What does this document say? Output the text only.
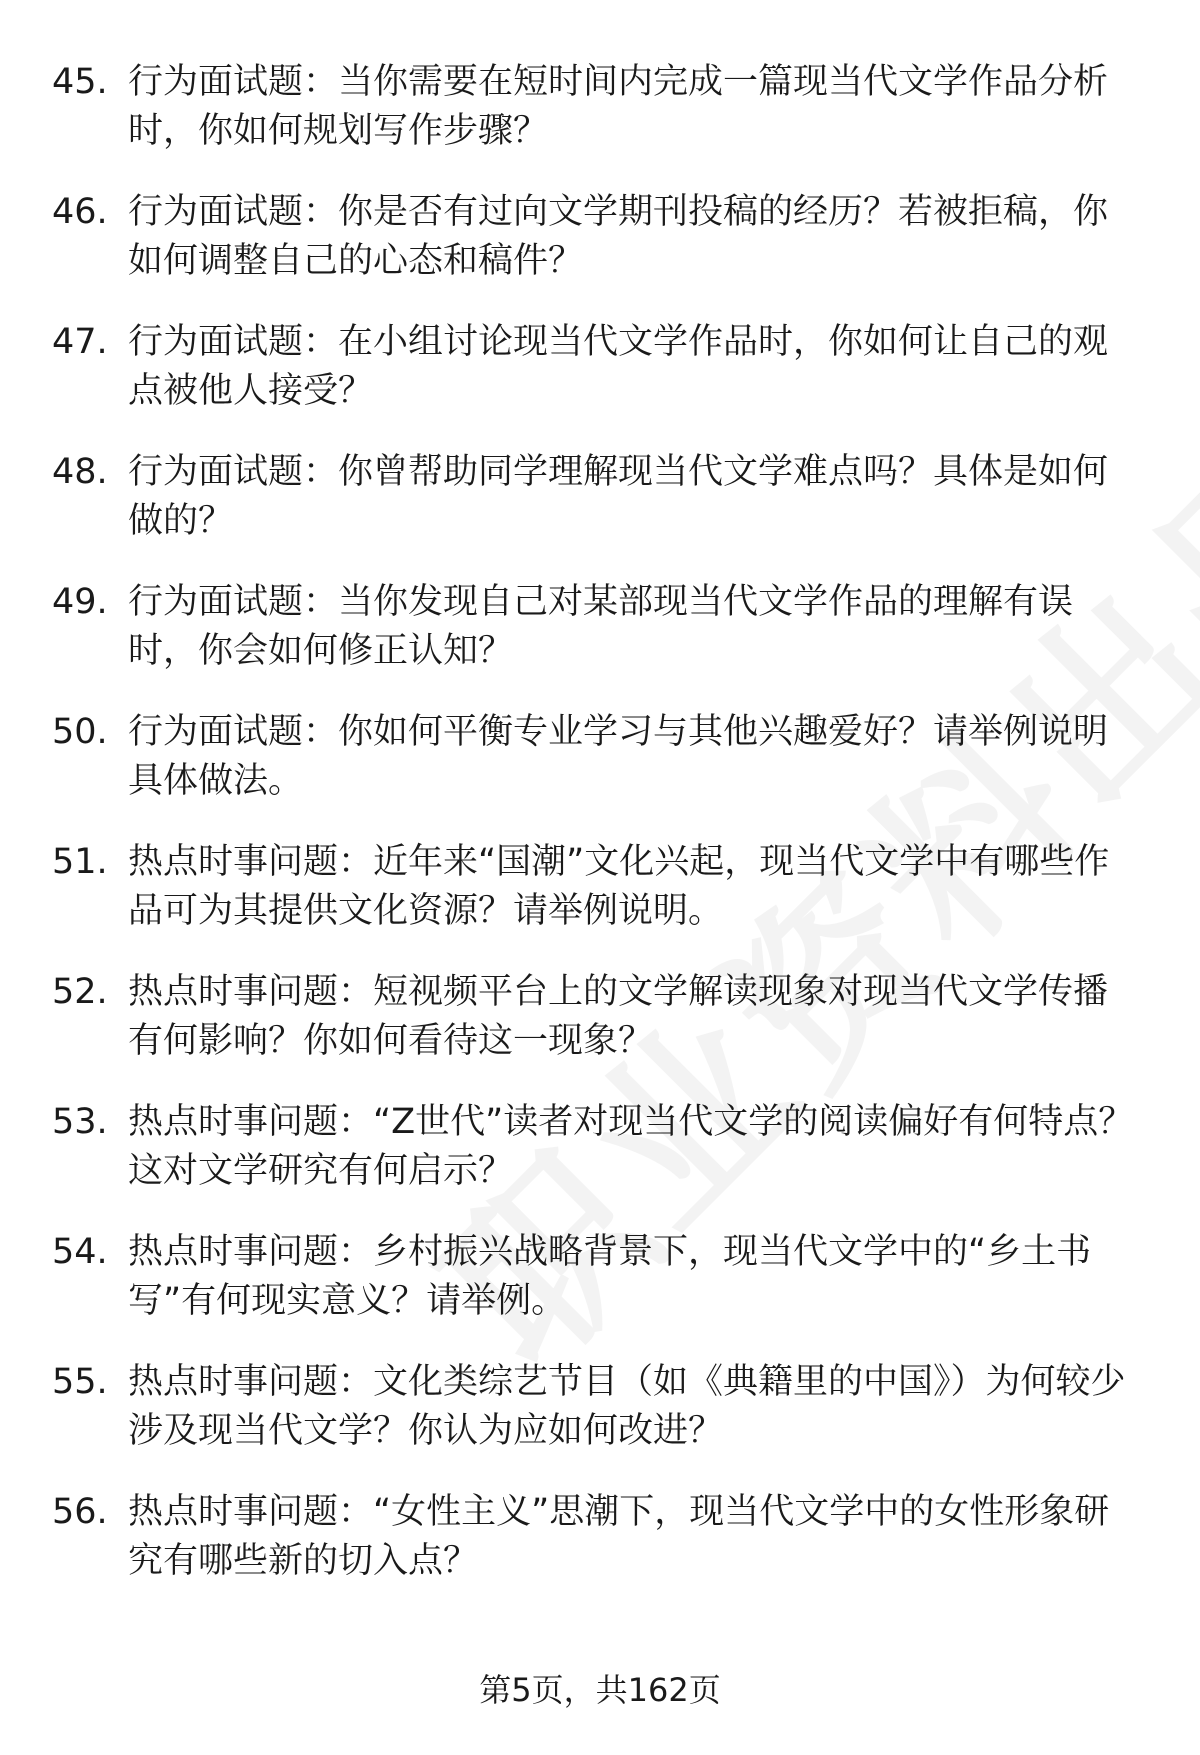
45. 行为面试题：当你需要在短时间内完成一篇现当代文学作品分析时，你如何规划写作步骤？
46. 行为面试题：你是否有过向文学期刊投稿的经历？若被拒稿，你如何调整自己的心态和稿件？
47. 行为面试题：在小组讨论现当代文学作品时，你如何让自己的观点被他人接受？
48. 行为面试题：你曾帮助同学理解现当代文学难点吗？具体是如何做的？
49. 行为面试题：当你发现自己对某部现当代文学作品的理解有误时，你会如何修正认知？
50. 行为面试题：你如何平衡专业学习与其他兴趣爱好？请举例说明具体做法。
51. 热点时事问题：近年来“国潮”文化兴起，现当代文学中有哪些作品可为其提供文化资源？请举例说明。
52. 热点时事问题：短视频平台上的文学解读现象对现当代文学传播有何影响？你如何看待这一现象？
53. 热点时事问题：“Z世代”读者对现当代文学的阅读偏好有何特点？这对文学研究有何启示？
54. 热点时事问题：乡村振兴战略背景下，现当代文学中的“乡土书写”有何现实意义？请举例。
55. 热点时事问题：文化类综艺节目（如《典籍里的中国》）为何较少涉及现当代文学？你认为应如何改进？
56. 热点时事问题：“女性主义”思潮下，现当代文学中的女性形象研究有哪些新的切入点？
第5页，共162页
